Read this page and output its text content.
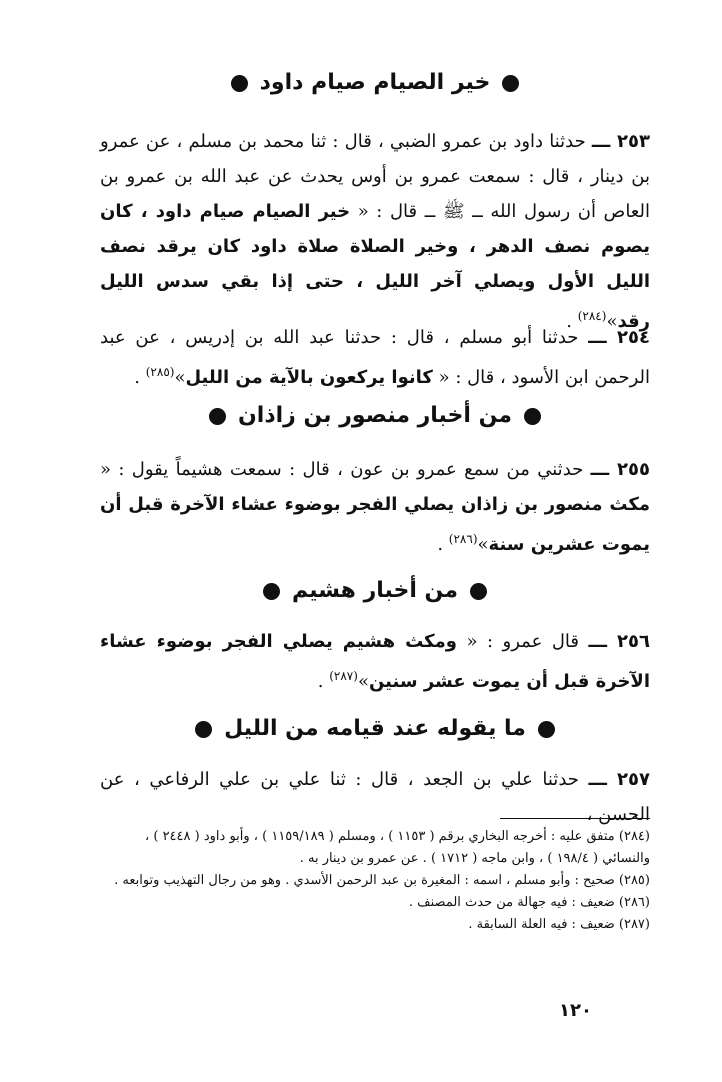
خير الصيام صيام داود
٢٥٣ ـــ حدثنا داود بن عمرو الضبي ، قال : ثنا محمد بن مسلم ، عن عمرو بن دينار ، قال : سمعت عمرو بن أوس يحدث عن عبد الله بن عمرو بن العاص أن رسول الله ــ ﷺ ــ قال : « خير الصيام صيام داود ، كان يصوم نصف الدهر ، وخير الصلاة صلاة داود كان يرقد نصف الليل الأول ويصلي آخر الليل ، حتى إذا بقي سدس الليل رقد»$^{(٢٨٤)}$ .
٢٥٤ ـــ حدثنا أبو مسلم ، قال : حدثنا عبد الله بن إدريس ، عن عبد الرحمن ابن الأسود ، قال : « كانوا يركعون بالآية من الليل»$^{(٢٨٥)}$ .
من أخبار منصور بن زاذان
٢٥٥ ـــ حدثني من سمع عمرو بن عون ، قال : سمعت هشيماً يقول : « مكث منصور بن زاذان يصلي الفجر بوضوء عشاء الآخرة قبل أن يموت عشرين سنة»$^{(٢٨٦)}$ .
من أخبار هشيم
٢٥٦ ـــ قال عمرو : « ومكث هشيم يصلي الفجر بوضوء عشاء الآخرة قبل أن يموت عشر سنين»$^{(٢٨٧)}$ .
ما يقوله عند قيامه من الليل
٢٥٧ ـــ حدثنا علي بن الجعد ، قال : ثنا علي بن علي الرفاعي ، عن الحسن ،

(٢٨٤) متفق عليه : أخرجه البخاري برقم ( ١١٥٣ ) ، ومسلم ( ١١٥٩/١٨٩ ) ، وأبو داود ( ٢٤٤٨ ) ، والنسائي ( ١٩٨/٤ ) ، وابن ماجه ( ١٧١٢ ) . عن عمرو بن دينار به .

(٢٨٥) صحيح : وأبو مسلم ، اسمه : المغيرة بن عبد الرحمن الأسدي . وهو من رجال التهذيب وتوابعه .

(٢٨٦) ضعيف : فيه جهالة من حدث المصنف .

(٢٨٧) ضعيف : فيه العلة السابقة .

١٢٠
